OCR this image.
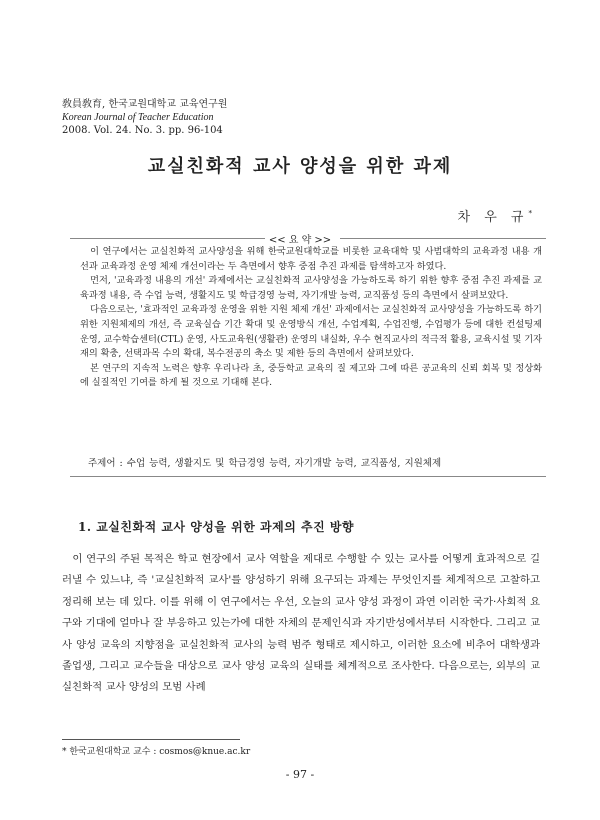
敎員敎育, 한국교원대학교 교육연구원
Korean Journal of Teacher Education
2008. Vol. 24. No. 3. pp. 96-104
교실친화적 교사 양성을 위한 과제
차 우 규*
<< 요 약 >>

이 연구에서는 교실친화적 교사양성을 위해 한국교원대학교를 비롯한 교육대학 및 사범대학의 교육과정 내용 개선과 교육과정 운영 체제 개선이라는 두 측면에서 향후 중점 추진 과제를 탐색하고자 하였다.

먼저, '교육과정 내용의 개선' 과제에서는 교실친화적 교사양성을 가능하도록 하기 위한 향후 중점 추진 과제를 교육과정 내용, 즉 수업 능력, 생활지도 및 학급경영 능력, 자기개발 능력, 교직품성 등의 측면에서 살펴보았다.

다음으로는, '효과적인 교육과정 운영을 위한 지원 체제 개선' 과제에서는 교실친화적 교사양성을 가능하도록 하기 위한 지원체제의 개선, 즉 교육실습 기간 확대 및 운영방식 개선, 수업계획, 수업진행, 수업평가 등에 대한 컨설팅제 운영, 교수학습센터(CTL) 운영, 사도교육원(생활관) 운영의 내실화, 우수 현직교사의 적극적 활용, 교육시설 및 기자재의 확충, 선택과목 수의 확대, 복수전공의 축소 및 제한 등의 측면에서 살펴보았다.

본 연구의 지속적 노력은 향후 우리나라 초, 중등학교 교육의 질 제고와 그에 따른 공교육의 신뢰 회복 및 정상화에 실질적인 기여를 하게 될 것으로 기대해 본다.

주제어 : 수업 능력, 생활지도 및 학급경영 능력, 자기개발 능력, 교직품성, 지원체제
1. 교실친화적 교사 양성을 위한 과제의 추진 방향

이 연구의 주된 목적은 학교 현장에서 교사 역할을 제대로 수행할 수 있는 교사를 어떻게 효과적으로 길러낼 수 있느냐, 즉 '교실친화적 교사'를 양성하기 위해 요구되는 과제는 무엇인지를 체계적으로 고찰하고 정리해 보는 데 있다. 이를 위해 이 연구에서는 우선, 오늘의 교사 양성 과정이 과연 이러한 국가·사회적 요구와 기대에 얼마나 잘 부응하고 있는가에 대한 자체의 문제인식과 자기반성에서부터 시작한다. 그리고 교사 양성 교육의 지향점을 교실친화적 교사의 능력 범주 형태로 제시하고, 이러한 요소에 비추어 대학생과 졸업생, 그리고 교수들을 대상으로 교사 양성 교육의 실태를 체계적으로 조사한다. 다음으로는, 외부의 교실친화적 교사 양성의 모범 사례

* 한국교원대학교 교수 : cosmos@knue.ac.kr
- 97 -
